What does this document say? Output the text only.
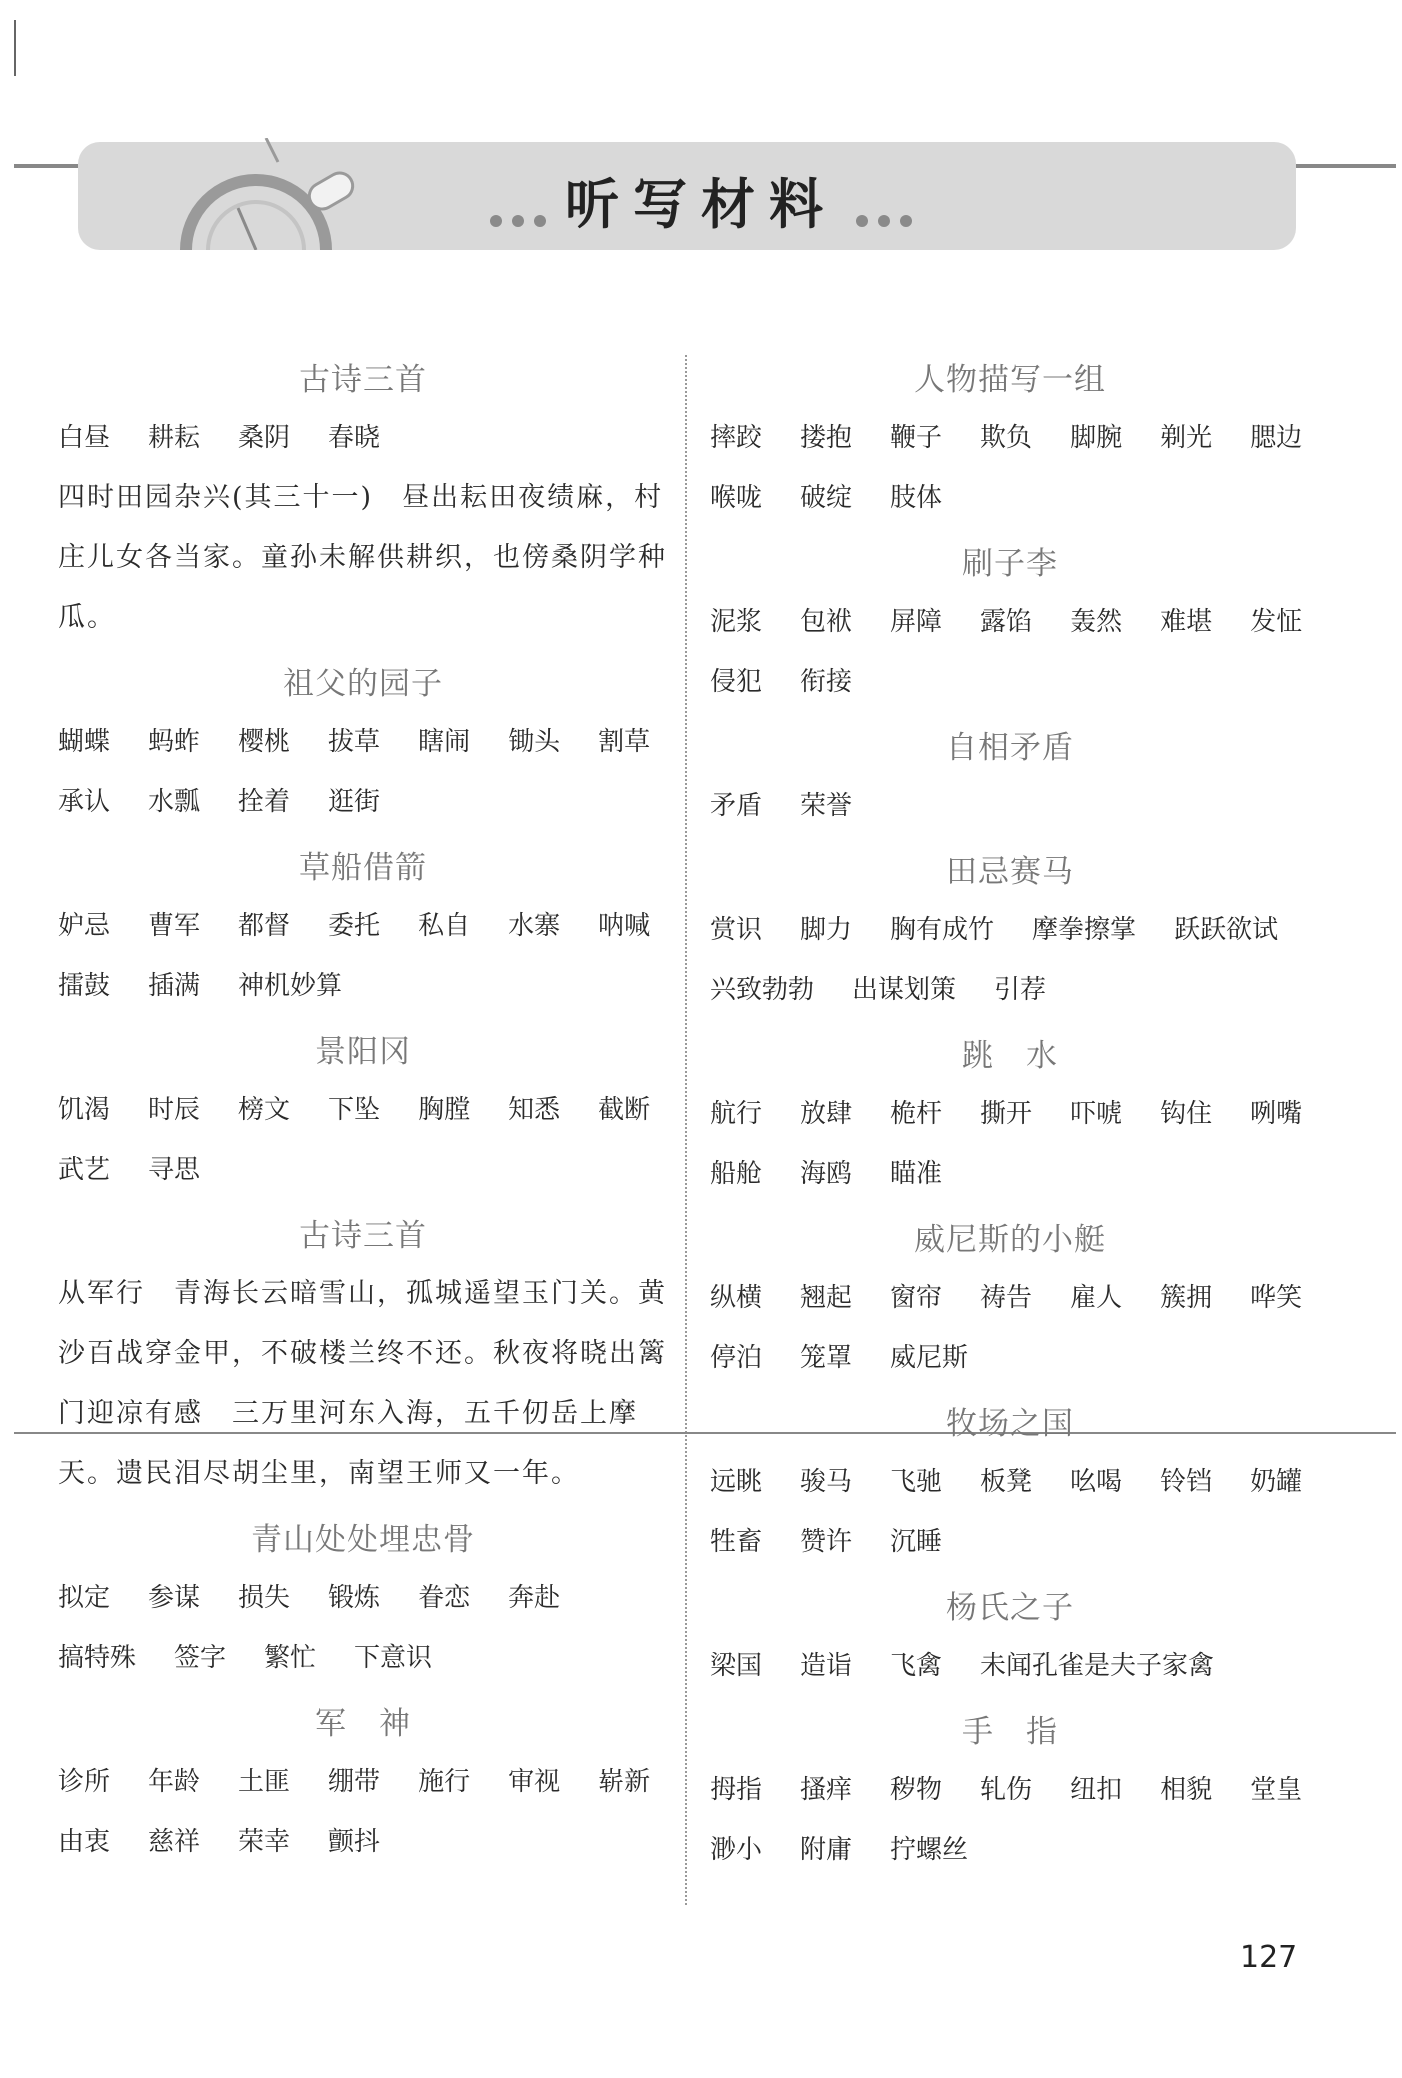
听写材料
古诗三首
白昼 耕耘 桑阴 春晓
四时田园杂兴(其三十一)　昼出耘田夜绩麻，村庄儿女各当家。童孙未解供耕织，也傍桑阴学种瓜。
祖父的园子
蝴蝶 蚂蚱 樱桃 拔草 瞎闹 锄头 割草
承认 水瓢 拴着 逛街
草船借箭
妒忌 曹军 都督 委托 私自 水寨 呐喊
擂鼓 插满 神机妙算
景阳冈
饥渴 时辰 榜文 下坠 胸膛 知悉 截断
武艺 寻思
古诗三首
从军行　青海长云暗雪山，孤城遥望玉门关。黄沙百战穿金甲，不破楼兰终不还。秋夜将晓出篱门迎凉有感　三万里河东入海，五千仞岳上摩天。遗民泪尽胡尘里，南望王师又一年。
青山处处埋忠骨
拟定 参谋 损失 锻炼 眷恋 奔赴
搞特殊 签字 繁忙 下意识
军　神
诊所 年龄 土匪 绷带 施行 审视 崭新
由衷 慈祥 荣幸 颤抖
人物描写一组
摔跤 搂抱 鞭子 欺负 脚腕 剃光 腮边
喉咙 破绽 肢体
刷子李
泥浆 包袱 屏障 露馅 轰然 难堪 发怔
侵犯 衔接
自相矛盾
矛盾 荣誉
田忌赛马
赏识 脚力 胸有成竹 摩拳擦掌 跃跃欲试
兴致勃勃 出谋划策 引荐
跳　水
航行 放肆 桅杆 撕开 吓唬 钩住 咧嘴
船舱 海鸥 瞄准
威尼斯的小艇
纵横 翘起 窗帘 祷告 雇人 簇拥 哗笑
停泊 笼罩 威尼斯
牧场之国
远眺 骏马 飞驰 板凳 吆喝 铃铛 奶罐
牲畜 赞许 沉睡
杨氏之子
梁国 造诣 飞禽 未闻孔雀是夫子家禽
手　指
拇指 搔痒 秽物 轧伤 纽扣 相貌 堂皇
渺小 附庸 拧螺丝
127
